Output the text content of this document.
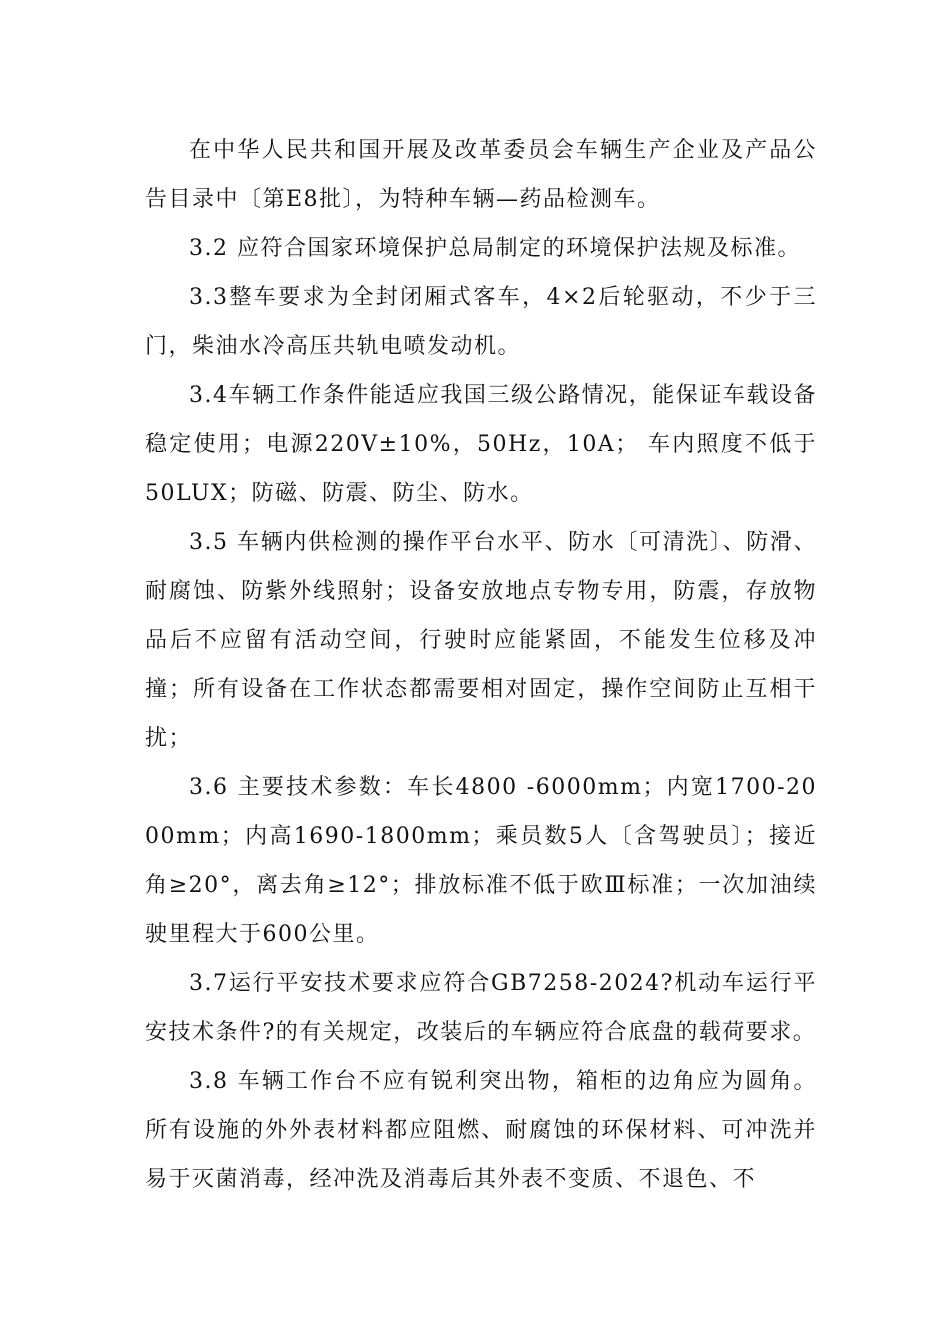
在中华人民共和国开展及改革委员会车辆生产企业及产品公告目录中〔第E8批〕，为特种车辆—药品检测车。

3.2 应符合国家环境保护总局制定的环境保护法规及标准。

3.3整车要求为全封闭厢式客车，4×2后轮驱动，不少于三门，柴油水冷高压共轨电喷发动机。

3.4车辆工作条件能适应我国三级公路情况，能保证车载设备稳定使用；电源220V±10%，50Hz，10A； 车内照度不低于50LUX；防磁、防震、防尘、防水。

3.5 车辆内供检测的操作平台水平、防水〔可清洗〕、防滑、耐腐蚀、防紫外线照射；设备安放地点专物专用，防震，存放物品后不应留有活动空间，行驶时应能紧固，不能发生位移及冲撞；所有设备在工作状态都需要相对固定，操作空间防止互相干扰；

3.6 主要技术参数：车长4800 -6000mm；内宽1700-2000mm；内高1690-1800mm；乘员数5人〔含驾驶员〕；接近角≥20°，离去角≥12°；排放标准不低于欧Ⅲ标准；一次加油续驶里程大于600公里。

3.7运行平安技术要求应符合GB7258-2024?机动车运行平安技术条件?的有关规定，改装后的车辆应符合底盘的载荷要求。

3.8 车辆工作台不应有锐利突出物，箱柜的边角应为圆角。所有设施的外外表材料都应阻燃、耐腐蚀的环保材料、可冲洗并易于灭菌消毒，经冲洗及消毒后其外表不变质、不退色、不
